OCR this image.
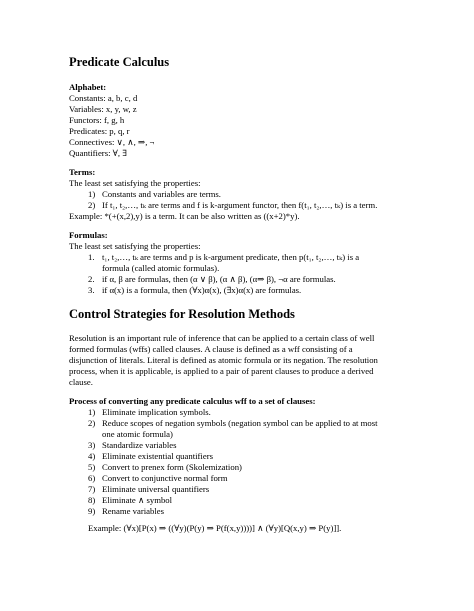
Predicate Calculus
Alphabet:
Constants: a, b, c, d
Variables: x, y, w, z
Functors: f, g, h
Predicates: p, q, r
Connectives: ∨, ∧, ⇒, ¬
Quantifiers: ∀, ∃
Terms:
The least set satisfying the properties:
1) Constants and variables are terms.
2) If t₁, t₂,…, tₖ are terms and f is k-argument functor, then f(t₁, t₂,…, tₖ) is a term.
Example: *(+(x,2),y) is a term. It can be also written as ((x+2)*y).
Formulas:
The least set satisfying the properties:
1. t₁, t₂,…, tₖ are terms and p is k-argument predicate, then p(t₁, t₂,…, tₖ) is a
formula (called atomic formulas).
2. if α, β are formulas, then (α ∨ β), (α ∧ β), (α⇒ β), ¬α are formulas.
3. if α(x) is a formula, then (∀x)α(x), (∃x)α(x) are formulas.
Control Strategies for Resolution Methods
Resolution is an important rule of inference that can be applied to a certain class of well
formed formulas (wffs) called clauses. A clause is defined as a wff consisting of a
disjunction of literals. Literal is defined as atomic formula or its negation. The resolution
process, when it is applicable, is applied to a pair of parent clauses to produce a derived
clause.
Process of converting any predicate calculus wff to a set of clauses:
1) Eliminate implication symbols.
2) Reduce scopes of negation symbols (negation symbol can be applied to at most
one atomic formula)
3) Standardize variables
4) Eliminate existential quantifiers
5) Convert to prenex form (Skolemization)
6) Convert to conjunctive normal form
7) Eliminate universal quantifiers
8) Eliminate ∧ symbol
9) Rename variables
Example: (∀x)[P(x) ⇒ ((∀y)(P(y) ⇒ P(f(x,y))))] ∧ (∀y)[Q(x,y) ⇒ P(y)]].
